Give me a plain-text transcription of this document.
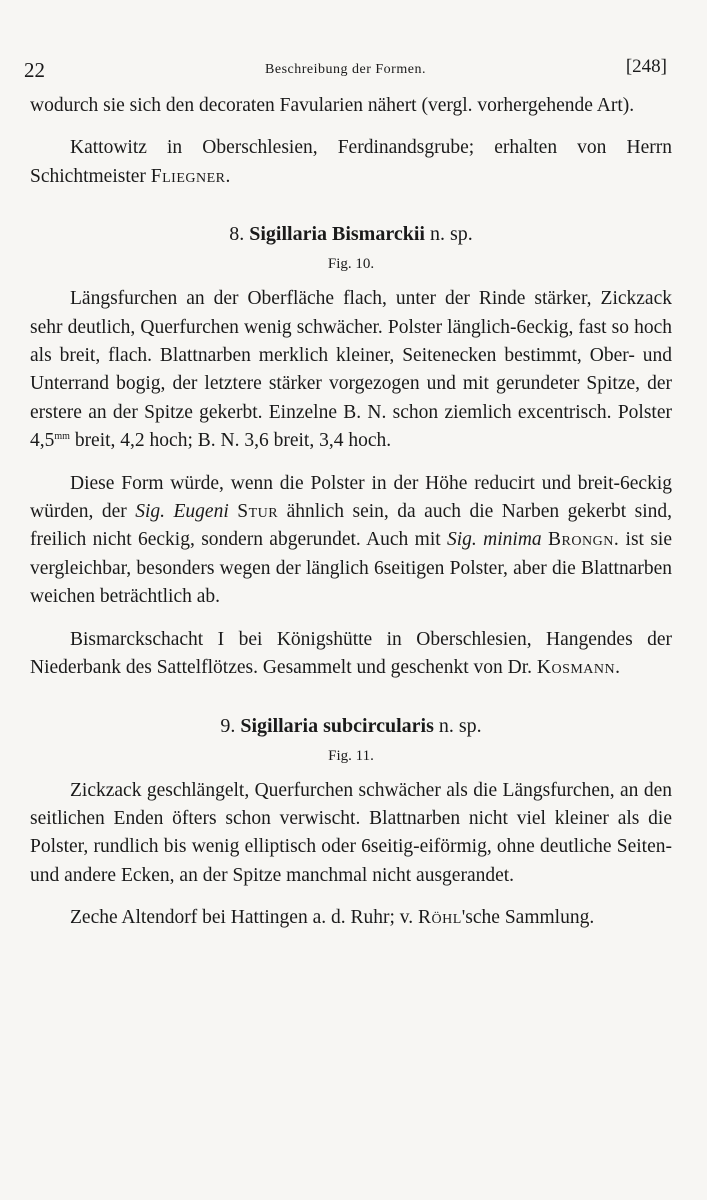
22	Beschreibung der Formen.	[248]

wodurch sie sich den decoraten Favularien nähert (vergl. vorhergehende Art).

Kattowitz in Oberschlesien, Ferdinandsgrube; erhalten von Herrn Schichtmeister Fliegner.

8. Sigillaria Bismarckii n. sp.
Fig. 10.

Längsfurchen an der Oberfläche flach, unter der Rinde stärker, Zickzack sehr deutlich, Querfurchen wenig schwächer. Polster länglich-6eckig, fast so hoch als breit, flach. Blattnarben merklich kleiner, Seitenecken bestimmt, Ober- und Unterrand bogig, der letztere stärker vorgezogen und mit gerundeter Spitze, der erstere an der Spitze gekerbt. Einzelne B. N. schon ziemlich excentrisch. Polster $4,5^{mm}$ breit, 4,2 hoch; B. N. 3,6 breit, 3,4 hoch.

Diese Form würde, wenn die Polster in der Höhe reducirt und breit-6eckig würden, der Sig. Eugeni Stur ähnlich sein, da auch die Narben gekerbt sind, freilich nicht 6eckig, sondern abgerundet. Auch mit Sig. minima Brongn. ist sie vergleichbar, besonders wegen der länglich 6seitigen Polster, aber die Blattnarben weichen beträchtlich ab.

Bismarckschacht I bei Königshütte in Oberschlesien, Hangendes der Niederbank des Sattelflötzes. Gesammelt und geschenkt von Dr. Kosmann.

9. Sigillaria subcircularis n. sp.
Fig. 11.

Zickzack geschlängelt, Querfurchen schwächer als die Längsfurchen, an den seitlichen Enden öfters schon verwischt. Blattnarben nicht viel kleiner als die Polster, rundlich bis wenig elliptisch oder 6seitig-eiförmig, ohne deutliche Seiten- und andere Ecken, an der Spitze manchmal nicht ausgerandet.

Zeche Altendorf bei Hattingen a. d. Ruhr; v. Röhl'sche Sammlung.
